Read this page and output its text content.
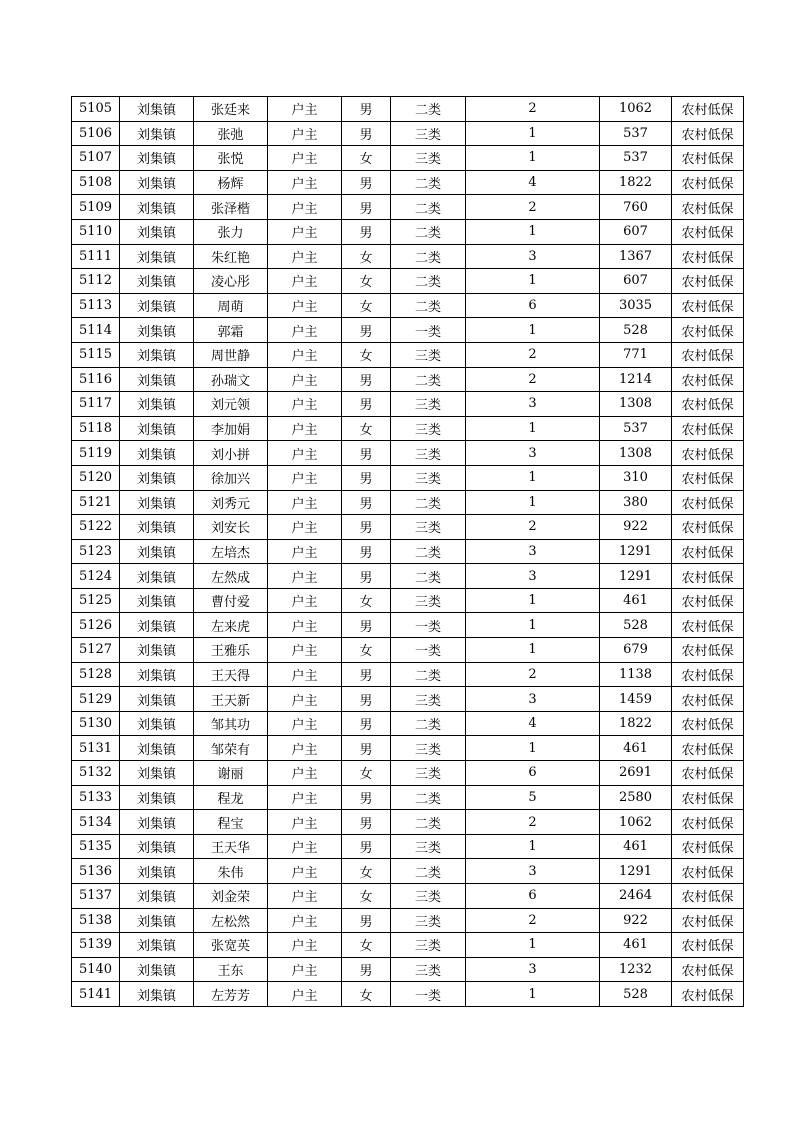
5105	刘集镇	张廷来	户主	男	二类	2	1062	农村低保
5106	刘集镇	张弛	户主	男	三类	1	537	农村低保
5107	刘集镇	张悦	户主	女	三类	1	537	农村低保
5108	刘集镇	杨辉	户主	男	二类	4	1822	农村低保
5109	刘集镇	张泽楷	户主	男	二类	2	760	农村低保
5110	刘集镇	张力	户主	男	二类	1	607	农村低保
5111	刘集镇	朱红艳	户主	女	二类	3	1367	农村低保
5112	刘集镇	凌心彤	户主	女	二类	1	607	农村低保
5113	刘集镇	周萌	户主	女	二类	6	3035	农村低保
5114	刘集镇	郭霜	户主	男	一类	1	528	农村低保
5115	刘集镇	周世静	户主	女	三类	2	771	农村低保
5116	刘集镇	孙瑞文	户主	男	二类	2	1214	农村低保
5117	刘集镇	刘元领	户主	男	三类	3	1308	农村低保
5118	刘集镇	李加娟	户主	女	三类	1	537	农村低保
5119	刘集镇	刘小拼	户主	男	三类	3	1308	农村低保
5120	刘集镇	徐加兴	户主	男	三类	1	310	农村低保
5121	刘集镇	刘秀元	户主	男	二类	1	380	农村低保
5122	刘集镇	刘安长	户主	男	三类	2	922	农村低保
5123	刘集镇	左培杰	户主	男	二类	3	1291	农村低保
5124	刘集镇	左然成	户主	男	二类	3	1291	农村低保
5125	刘集镇	曹付爱	户主	女	三类	1	461	农村低保
5126	刘集镇	左来虎	户主	男	一类	1	528	农村低保
5127	刘集镇	王雅乐	户主	女	一类	1	679	农村低保
5128	刘集镇	王天得	户主	男	二类	2	1138	农村低保
5129	刘集镇	王天新	户主	男	三类	3	1459	农村低保
5130	刘集镇	邹其功	户主	男	二类	4	1822	农村低保
5131	刘集镇	邹荣有	户主	男	三类	1	461	农村低保
5132	刘集镇	谢丽	户主	女	三类	6	2691	农村低保
5133	刘集镇	程龙	户主	男	二类	5	2580	农村低保
5134	刘集镇	程宝	户主	男	二类	2	1062	农村低保
5135	刘集镇	王天华	户主	男	三类	1	461	农村低保
5136	刘集镇	朱伟	户主	女	二类	3	1291	农村低保
5137	刘集镇	刘金荣	户主	女	三类	6	2464	农村低保
5138	刘集镇	左松然	户主	男	三类	2	922	农村低保
5139	刘集镇	张宽英	户主	女	三类	1	461	农村低保
5140	刘集镇	王东	户主	男	三类	3	1232	农村低保
5141	刘集镇	左芳芳	户主	女	一类	1	528	农村低保
